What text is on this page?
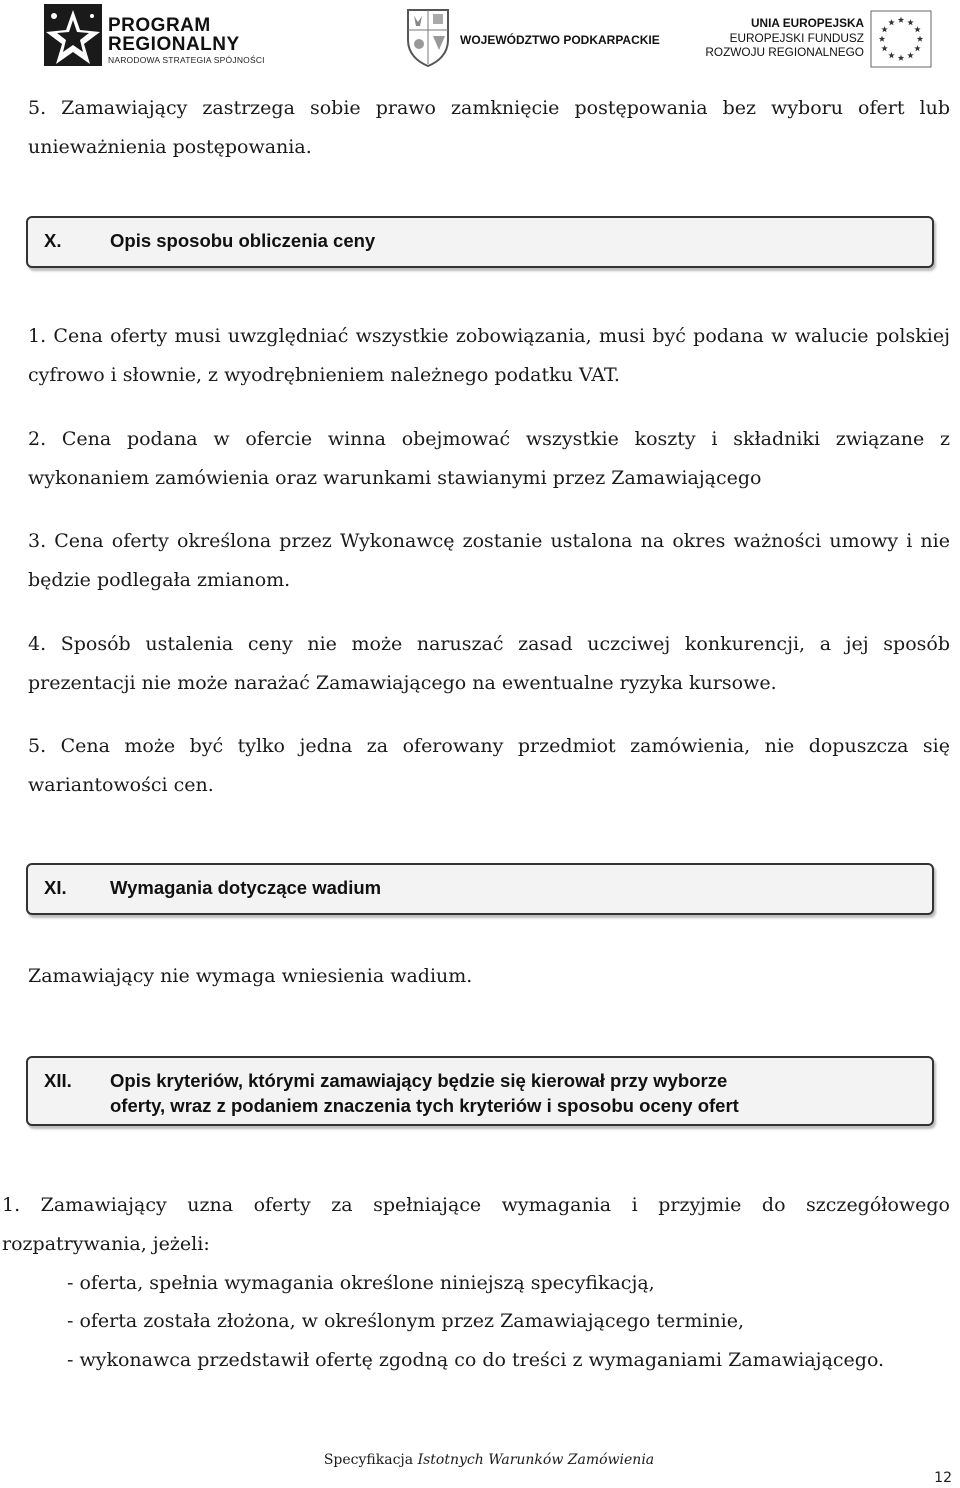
PROGRAM
REGIONALNY
NARODOWA STRATEGIA SPÓJNOŚCI
WOJEWÓDZTWO PODKARPACKIE
UNIA EUROPEJSKA
EUROPEJSKI FUNDUSZ
ROZWOJU REGIONALNEGO

5. Zamawiający zastrzega sobie prawo zamknięcie postępowania bez wyboru ofert lub unieważnienia postępowania.

X.	Opis sposobu obliczenia ceny

1. Cena oferty musi uwzględniać wszystkie zobowiązania, musi być podana w walucie polskiej cyfrowo i słownie, z wyodrębnieniem należnego podatku VAT.

2. Cena podana w ofercie winna obejmować wszystkie koszty i składniki związane z wykonaniem zamówienia oraz warunkami stawianymi przez Zamawiającego

3. Cena oferty określona przez Wykonawcę zostanie ustalona na okres ważności umowy i nie będzie podlegała zmianom.

4. Sposób ustalenia ceny nie może naruszać zasad uczciwej konkurencji, a jej sposób prezentacji nie może narażać Zamawiającego na ewentualne ryzyka kursowe.

5. Cena może być tylko jedna za oferowany przedmiot zamówienia, nie dopuszcza się wariantowości cen.

XI. Wymagania dotyczące wadium

Zamawiający nie wymaga wniesienia wadium.

XII. Opis kryteriów, którymi zamawiający będzie się kierował przy wyborze
oferty, wraz z podaniem znaczenia tych kryteriów i sposobu oceny ofert

1. Zamawiający uzna oferty za spełniające wymagania i przyjmie do szczegółowego rozpatrywania, jeżeli:

- oferta, spełnia wymagania określone niniejszą specyfikacją,

- oferta została złożona, w określonym przez Zamawiającego terminie,

- wykonawca przedstawił ofertę zgodną co do treści z wymaganiami Zamawiającego.

Specyfikacja Istotnych Warunków Zamówienia
12
